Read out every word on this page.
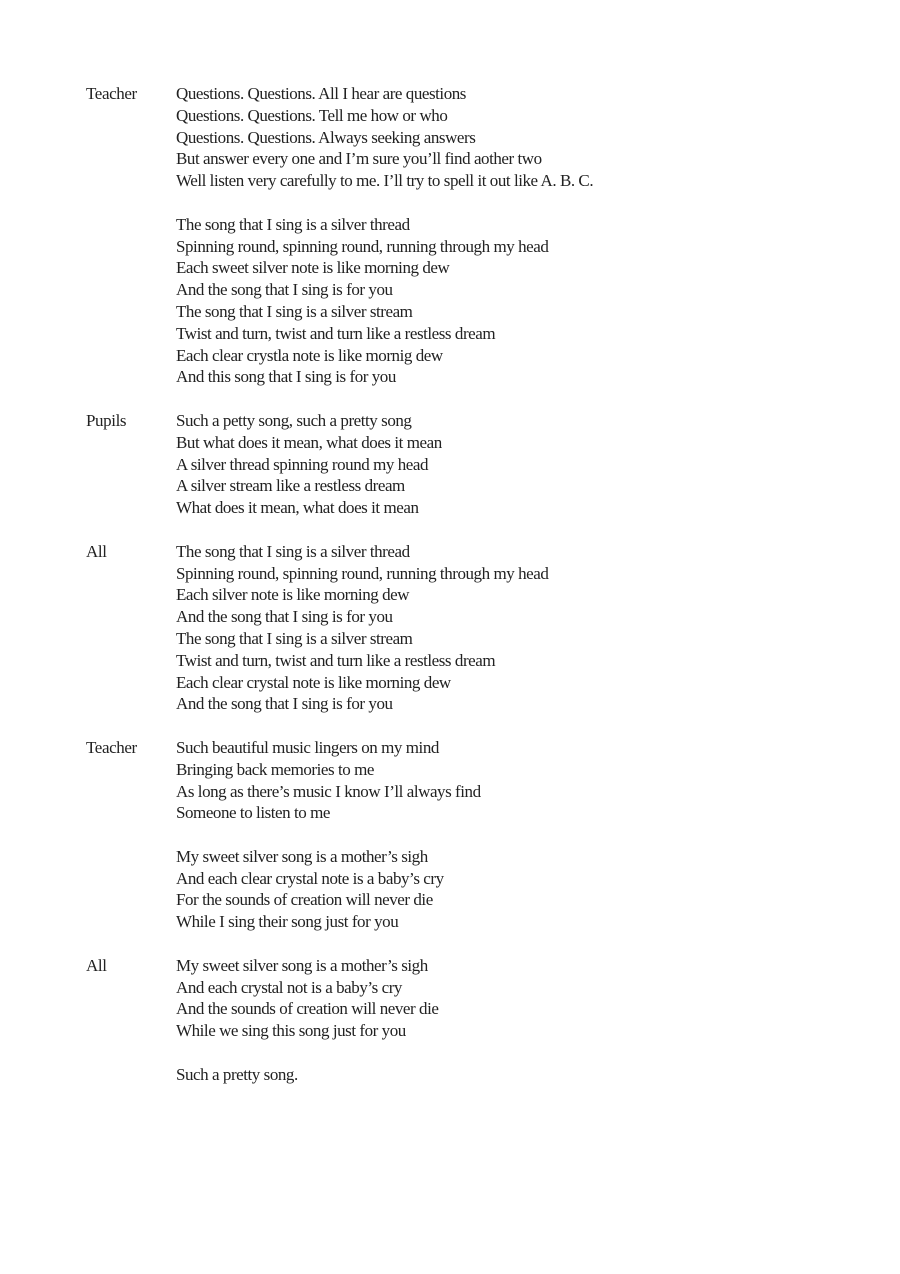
Teacher	Questions. Questions. All I hear are questions
Questions. Questions. Tell me how or who
Questions. Questions. Always seeking answers
But answer every one and I’m sure you’ll find aother two
Well listen very carefully to me. I’ll try to spell it out like A. B. C.
The song that I sing is a silver thread
Spinning round, spinning round, running through my head
Each sweet silver note is like morning dew
And the song that I sing is for you
The song that I sing is a silver stream
Twist and turn, twist and turn like a restless dream
Each clear crystla note is like mornig dew
And this song that I sing is for you
Pupils	Such a petty song, such a pretty song
But what does it mean, what does it mean
A silver thread spinning round my head
A silver stream like a restless dream
What does it mean, what does it mean
All	The song that I sing is a silver thread
Spinning round, spinning round, running through my head
Each silver note is like morning dew
And the song that I sing is for you
The song that I sing is a silver stream
Twist and turn, twist and turn like a restless dream
Each clear crystal note is like morning dew
And the song that I sing is for you
Teacher	Such beautiful music lingers on my mind
Bringing back memories to me
As long as there’s music I know I’ll always find
Someone to listen to me
My sweet silver song is a mother’s sigh
And each clear crystal note is a baby’s cry
For the sounds of creation will never die
While I sing their song just for you
All	My sweet silver song is a mother’s sigh
And each crystal not is a baby’s cry
And the sounds of creation will never die
While we sing this song just for you
Such a pretty song.
